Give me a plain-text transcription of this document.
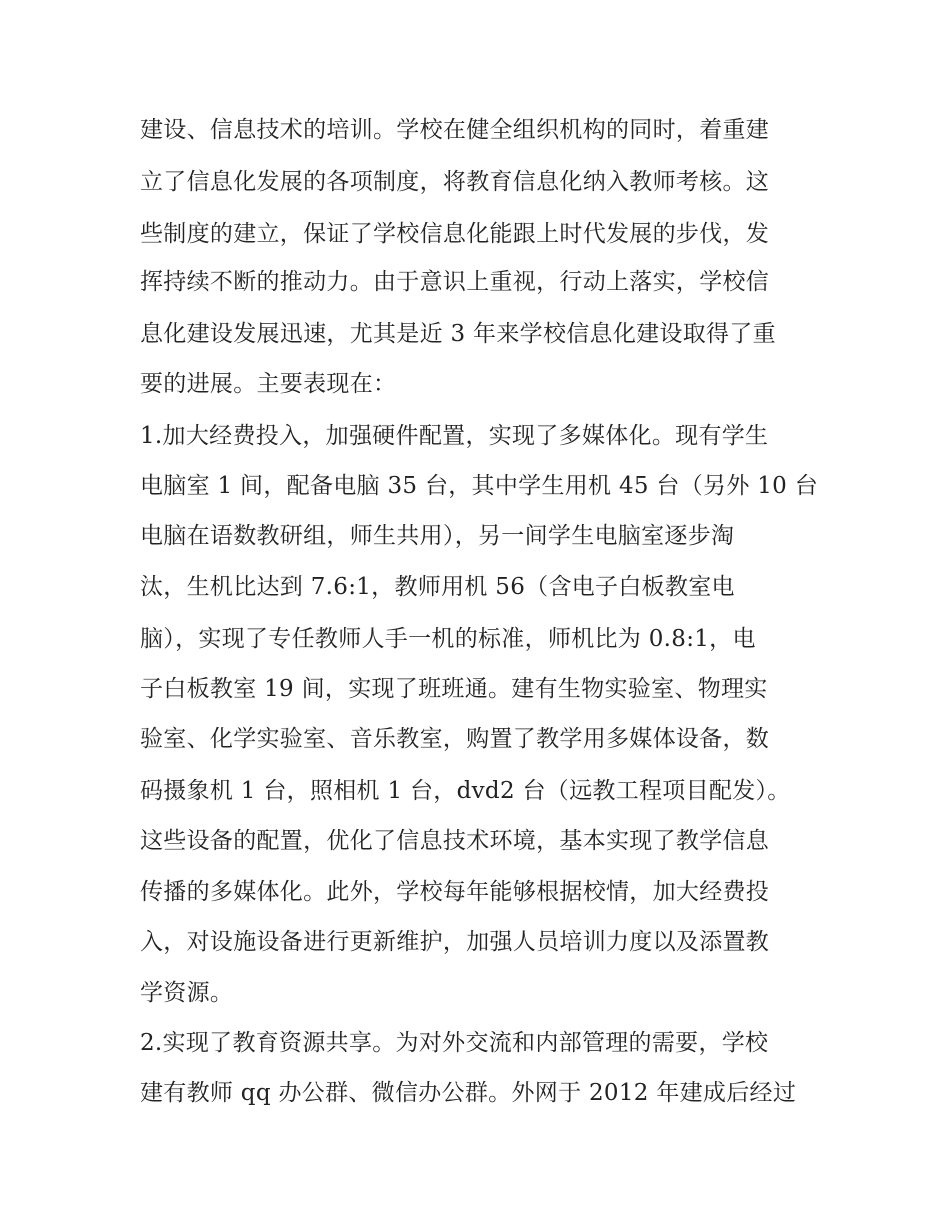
建设、信息技术的培训。学校在健全组织机构的同时，着重建
立了信息化发展的各项制度，将教育信息化纳入教师考核。这
些制度的建立，保证了学校信息化能跟上时代发展的步伐，发
挥持续不断的推动力。由于意识上重视，行动上落实，学校信
息化建设发展迅速，尤其是近 3 年来学校信息化建设取得了重
要的进展。主要表现在：
1.加大经费投入，加强硬件配置，实现了多媒体化。现有学生
电脑室 1 间，配备电脑 35 台，其中学生用机 45 台（另外 10 台
电脑在语数教研组，师生共用），另一间学生电脑室逐步淘
汰，生机比达到 7.6:1，教师用机 56（含电子白板教室电
脑），实现了专任教师人手一机的标准，师机比为 0.8:1，电
子白板教室 19 间，实现了班班通。建有生物实验室、物理实
验室、化学实验室、音乐教室，购置了教学用多媒体设备，数
码摄象机 1 台，照相机 1 台，dvd2 台（远教工程项目配发）。
这些设备的配置，优化了信息技术环境，基本实现了教学信息
传播的多媒体化。此外，学校每年能够根据校情，加大经费投
入，对设施设备进行更新维护，加强人员培训力度以及添置教
学资源。
2.实现了教育资源共享。为对外交流和内部管理的需要，学校
建有教师 qq 办公群、微信办公群。外网于 2012 年建成后经过
